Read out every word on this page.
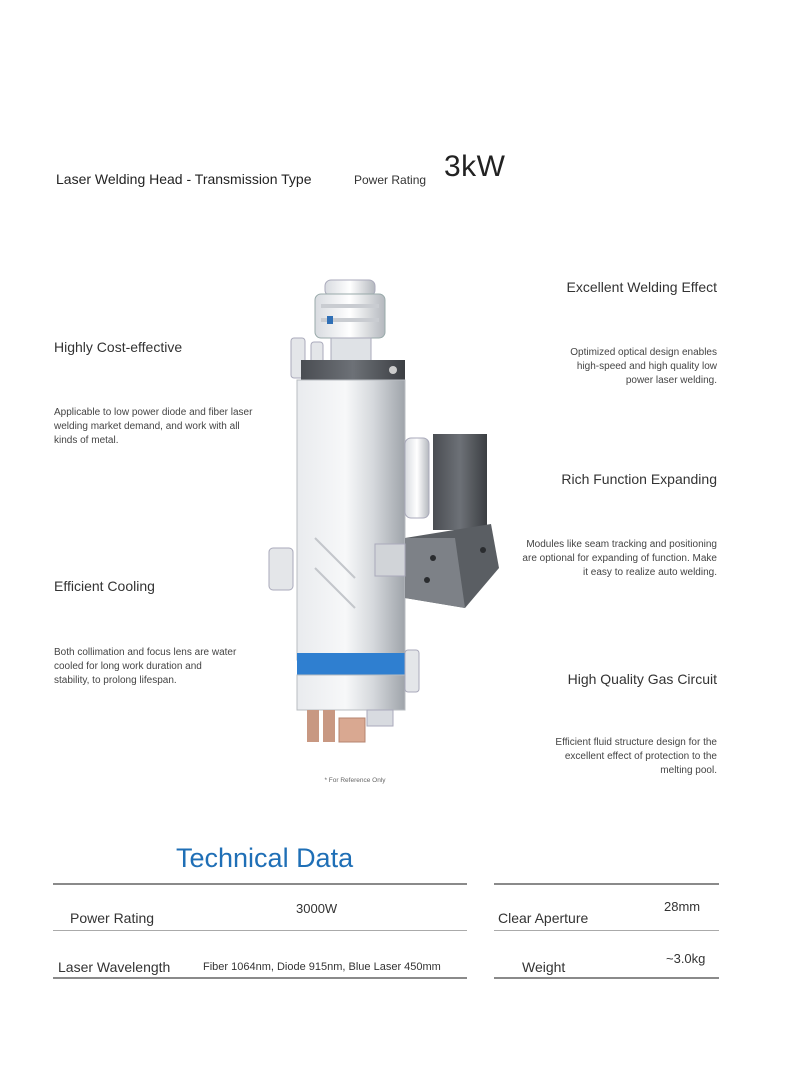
Laser Welding Head - Transmission Type	Power Rating 3kW
Highly Cost-effective
Applicable to low power diode and fiber laser
welding market demand, and work with all
kinds of metal.
Efficient Cooling
Both collimation and focus lens are water
cooled for long work duration and
stability, to prolong lifespan.
Excellent Welding Effect
Optimized optical design enables
high-speed and high quality low
power laser welding.
Rich Function Expanding
Modules like seam tracking and positioning
are optional for expanding of function. Make
it easy to realize auto welding.
High Quality Gas Circuit
Efficient fluid structure design for the
excellent effect of protection to the
melting pool.
* For Reference Only
Technical Data
Power Rating
3000W
Laser Wavelength	Fiber 1064nm, Diode 915nm, Blue Laser 450mm
Clear Aperture
28mm
Weight
~3.0kg
